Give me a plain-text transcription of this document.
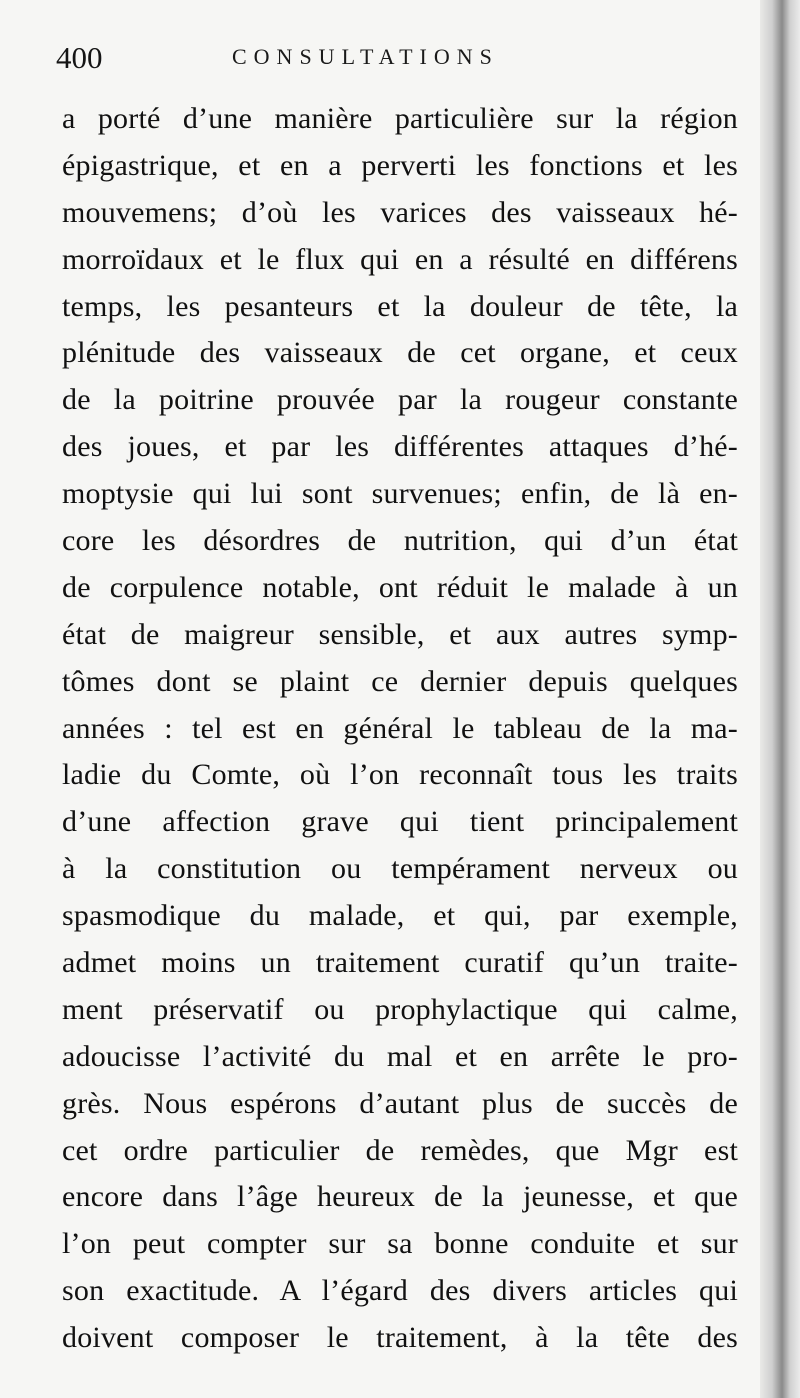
400	CONSULTATIONS
a porté d’une manière particulière sur la région
épigastrique, et en a perverti les fonctions et les
mouvemens; d’où les varices des vaisseaux hé-
morroïdaux et le flux qui en a résulté en différens
temps, les pesanteurs et la douleur de tête, la
plénitude des vaisseaux de cet organe, et ceux
de la poitrine prouvée par la rougeur constante
des joues, et par les différentes attaques d’hé-
moptysie qui lui sont survenues; enfin, de là en-
core les désordres de nutrition, qui d’un état
de corpulence notable, ont réduit le malade à un
état de maigreur sensible, et aux autres symp-
tômes dont se plaint ce dernier depuis quelques
années : tel est en général le tableau de la ma-
ladie du Comte, où l’on reconnaît tous les traits
d’une affection grave qui tient principalement
à la constitution ou tempérament nerveux ou
spasmodique du malade, et qui, par exemple,
admet moins un traitement curatif qu’un traite-
ment préservatif ou prophylactique qui calme,
adoucisse l’activité du mal et en arrête le pro-
grès. Nous espérons d’autant plus de succès de
cet ordre particulier de remèdes, que Mgr est
encore dans l’âge heureux de la jeunesse, et que
l’on peut compter sur sa bonne conduite et sur
son exactitude. A l’égard des divers articles qui
doivent composer le traitement, à la tête des
